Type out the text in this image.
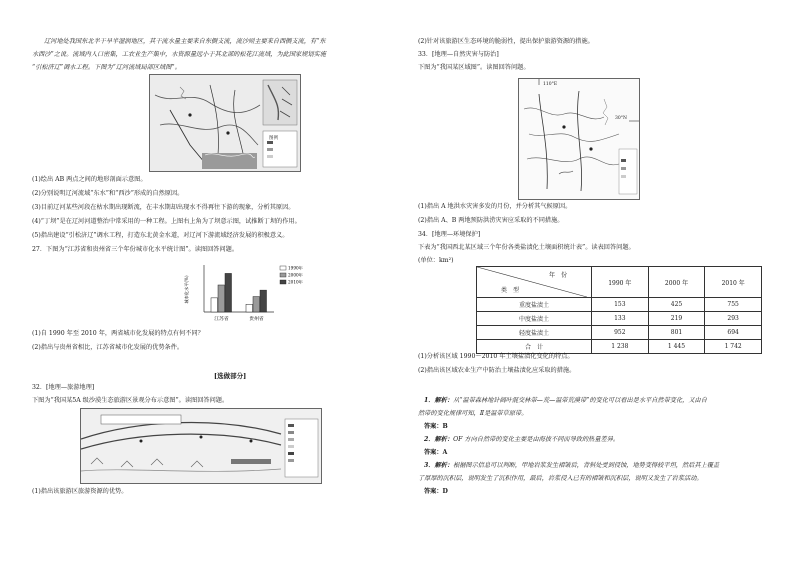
辽河地处我国东北半干旱半湿润地区，其干流水量主要来自东侧支流，流沙则主要来自西侧支流，有“东
水西沙”之说。流域内人口密集，工农业生产集中，水资源量远小于其北部的松花江流域，为此国家规划实施
“引松济辽”调水工程。下图为“辽河流域局部区域图”。
图例
(1)绘出 AB 两点之间的地形剖面示意图。
(2)分别说明辽河流域“东水”和“西沙”形成的自然原因。
(3)目前辽河某些河段在枯水期出现断流，在丰水期却出现水不得再往下游的现象，分析其原因。
(4)“丁坝”是在辽河河道整治中常采用的一种工程。上图右上角为了坝意示图，试推断丁坝的作用。
(5)指出建设“引松济辽”调水工程，打造东北黄金水道，对辽河下游流域经济发展的积极意义。
27．下图为“江苏省和贵州省三个年份城市化水平统计图”。读图回答问题。
城市化水平(%)
江苏省	贵州省
1990年
2000年
2010年
(1)自 1990 年至 2010 年，两省城市化发展的特点有何不同？
(2)指出与贵州省相比，江苏省城市化发展的优势条件。
[选做部分]
32．[地理—旅游地理]
下图为“我国某5A 级沙漠生态旅游区景观分布示意图”。读图回答问题。
(1)指出该旅游区旅游资源的优势。
(2)针对该旅游区生态环境的脆弱性，提出保护旅游资源的措施。
33．[地理—自然灾害与防治]
下图为“我国某区域图”。读图回答问题。
110°E
30°N
(1)指出 A 地洪水灾害多发的月份，并分析其气候原因。
(2)指出 A、B 两地预防洪涝灾害应采取的不同措施。
34．[地理—环境保护]
下表为“我国西北某区域三个年份各类盐渍化土壤面积统计表”。读表回答问题。
(单位：km²)
年　份
类　型	1990 年	2000 年	2010 年
重度盐渍土	153	425	755
中度盐渍土	133	219	293
轻度盐渍土	952	801	694
合　计	1 238	1 445	1 742
(1)分析该区域 1990～2010 年土壤盐渍化变化的特点。
(2)指出该区域农业生产中防治土壤盐渍化应采取的措施。
1．解析：从“温带森林地针阔叶混交林带—荒—温带荒漠带”的变化可以看出是水平自然带变化，又由自
然带的变化规律可知，Ⅱ是温带草原带。
答案：B
2．解析：OF 方向自然带的变化主要是由海拔不同而导致的热量差异。
答案：A
3．解析：根据图示信息可以判断，甲地岩浆发生褶皱后，背斜处受到侵蚀，地势变得较平坦，然后其上覆盖
了厚厚的沉积层，说明发生了沉积作用，最后，岩浆侵入已有的褶皱和沉积层，说明又发生了岩浆活动。
答案：D
